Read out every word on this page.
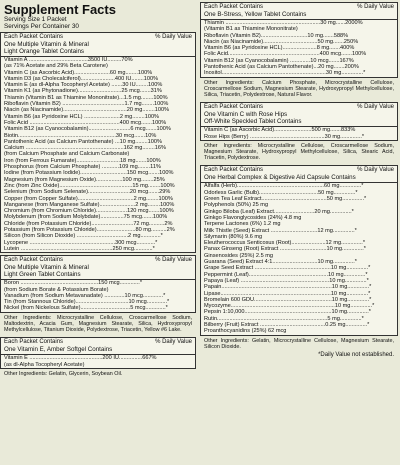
Supplement Facts
Serving Size 1 Packet
Servings Per Container 30
Each Packet Contains	% Daily Value
One Multiple Vitamin & Mineral
Light Orange Tablet Contains
Vitamin A ......................................3500 IU.........70%
(as 71% Acetate and 29% Beta Carotene)
Vitamin C (as Ascorbic Acid).......................60 mg........100%
Vitamin D3 (as Cholecalciferol)......................400 IU........100%
Vitamin E (as dl-Alpha Tocopheryl Acetate) .......30 IU........100%
Vitamin K1 (as Phytonadione)............................25 mcg.......31%
Thiamin (Vitamin B1 as Thiamine Mononitrate)...1.5 mg........100%
Riboflavin (Vitamin B2) ........................................1.7 mg........100%
Niacin (as Niacinamide).........................................20 mg........100%
Vitamin B6 (as Pyridoxine HCL) .......................2 mg........100%
Folic Acid ..........................................................400 mcg.......100%
Vitamin B12 (as Cyanocobalamin)...........................6 mcg.......100%
Biotin...............................................................30 mcg.......10%
Pantothenic Acid (as Calcium Pantothenate) ...10 mg........100%
Calcium ...............................................................162 mg........16%
(from Calcium Phosphate and Calcium Carbonate)
Iron (from Ferrous Fumarate)............................18 mg.......100%
Phosphorus (from Calcium Phosphate) ...........109 mg........11%
Iodine (from Potassium Iodide)..............................150 mcg.......100%
Magnesium (from Magnesium Oxide).................100 mg........25%
Zinc (from Zinc Oxide)...............................................15 mg........100%
Selenium (from Sodium Selenate)...........................20 mcg.......29%
Copper (from Copper Sulfate)....................................2 mg........100%
Manganese (from Manganese Sulfate).......................2 mg........100%
Chromium (from Chromium Chloride)....................120 mcg.......100%
Molybdenum (from Sodium Molybdate)...............75 mcg.......100%
Chloride (from Potassium Chloride)...........................72 mg..........2%
Potassium (from Potassium Chloride).........................80 mg..........2%
Silicon (from Silicon Dioxide) .................................2 mg.............*
Lycopene .......................................................300 mcg............*
Lutein ...........................................................250 mcg............*
Each Packet Contains	% Daily Value
One Multiple Vitamin & Mineral
Light Green Tablet Contains
Boron ..................................................150 mcg.............*
(from Sodium Borate & Potassium Borate)
Vanadium (from Sodium Metavanadate) .............10 mcg.............*
Tin (from Stannous Chloride)..................................10 mcg.............*
Nickel (from Nickelous Sulfate)................................5 mcg.............*
Other Ingredients: Microcrystalline Cellulose, Croscarmellose Sodium, Maltodextrin, Acacia Gum, Magnesium Stearate, Silica, Hydroxypropyl Methylcellulose, Titanium Dioxide, Polydextrose, Triacetin, Yellow #6 Lake.
Each Packet Contains	% Daily Value
One Vitamin E, Amber Softgel Contains
Vitamin E ...............................................200 IU...............667%
(as dl-Alpha Tocopheryl Acetate)
Other Ingredients: Gelatin, Glycerin, Soybean Oil.
Each Packet Contains	% Daily Value
One B-Stress, Yellow Tablet Contains
Thiamin .............................................................30 mg......2000%
(Vitamin B1 as Thiamine Mononitrate)
Riboflavin (Vitamin B2)..............................10 mg.......588%
Niacin (as Niacinamide)...................................50 mg.......250%
Vitamin B6 (as Pyridoxine HCL)......................8 mg.......400%
Folic Acid...........................................................400 mcg.......100%
Vitamin B12 (as Cyanocobalamin) .............10 mcg.......167%
Pantothenic Acid (as Calcium Pantothenate)...20 mg.......200%
Inositol...................................................................30 mg..............*
Other Ingredients: Calcium Phosphate, Microcrystalline Cellulose, Croscarmellose Sodium, Magnesium Stearate, Hydroxypropyl Methylcellulose, Silica, Triacetin, Polydextrose, Natural Flavor.
Each Packet Contains	% Daily Value
One Vitamin C with Rose Hips
Off-White Speckled Tablet Contains
Vitamin C (as Ascorbic Acid)........................500 mg.......833%
Rose Hips (Berry) ................................................30 mg..............*
Other Ingredients: Microcrystalline Cellulose, Croscarmellose Sodium, Magnesium Stearate, Hydroxypropyl Methylcellulose, Silica, Stearic Acid, Triacetin, Polydextrose.
Each Packet Contains	% Daily Value
One Herbal Complex & Digestive Aid Capsule Contains
Alfalfa (Herb)........................................................60 mg..............*
Odorless Garlic (Bulb)......................................50 mg..............*
Green Tea Leaf Extract..........................................50 mg..............*
Polyphenols (50%) 25 mg
Ginkgo Biloba (Leaf) Extract..........................20 mg..............*
Ginkgo Flavonglycosides (24%) 4.8 mg
Terpene Lactones (6%) 1.2 mg
Milk Thistle (Seed) Extract ..............................12 mg..............*
Silymarin (80%) 9.6 mg
Eleutherococcus Senticosus (Root)......................12 mg..............*
Panax Ginseng (Root) Extract ..............................10 mg..............*
Ginsenosides (25%) 2.5 mg
Guarana (Seed) Extract 4:1.............................10 mg..............*
Grape Seed Extract .................................................10 mg..............*
Peppermint (Leaf)...................................................10 mg..............*
Papaya (Leaf) .........................................................10 mg..............*
Papain.......................................................................10 mg..............*
Lipase.......................................................................10 mg..............*
Bromelain 600 GDU..................................................10 mg..............*
Mycozyme...................................................................10 mg..............*
Pepsin 1:10,000........................................................10 mg..............*
Rutin.......................................................................5 mg..............*
Bilberry (Fruit) Extract ..........................................0.25 mg..............*
Proanthocyanidins (25%) 62 mcg
Other Ingredients: Gelatin, Microcrystalline Cellulose, Magnesium Stearate, Silicon Dioxide.
*Daily Value not established.
